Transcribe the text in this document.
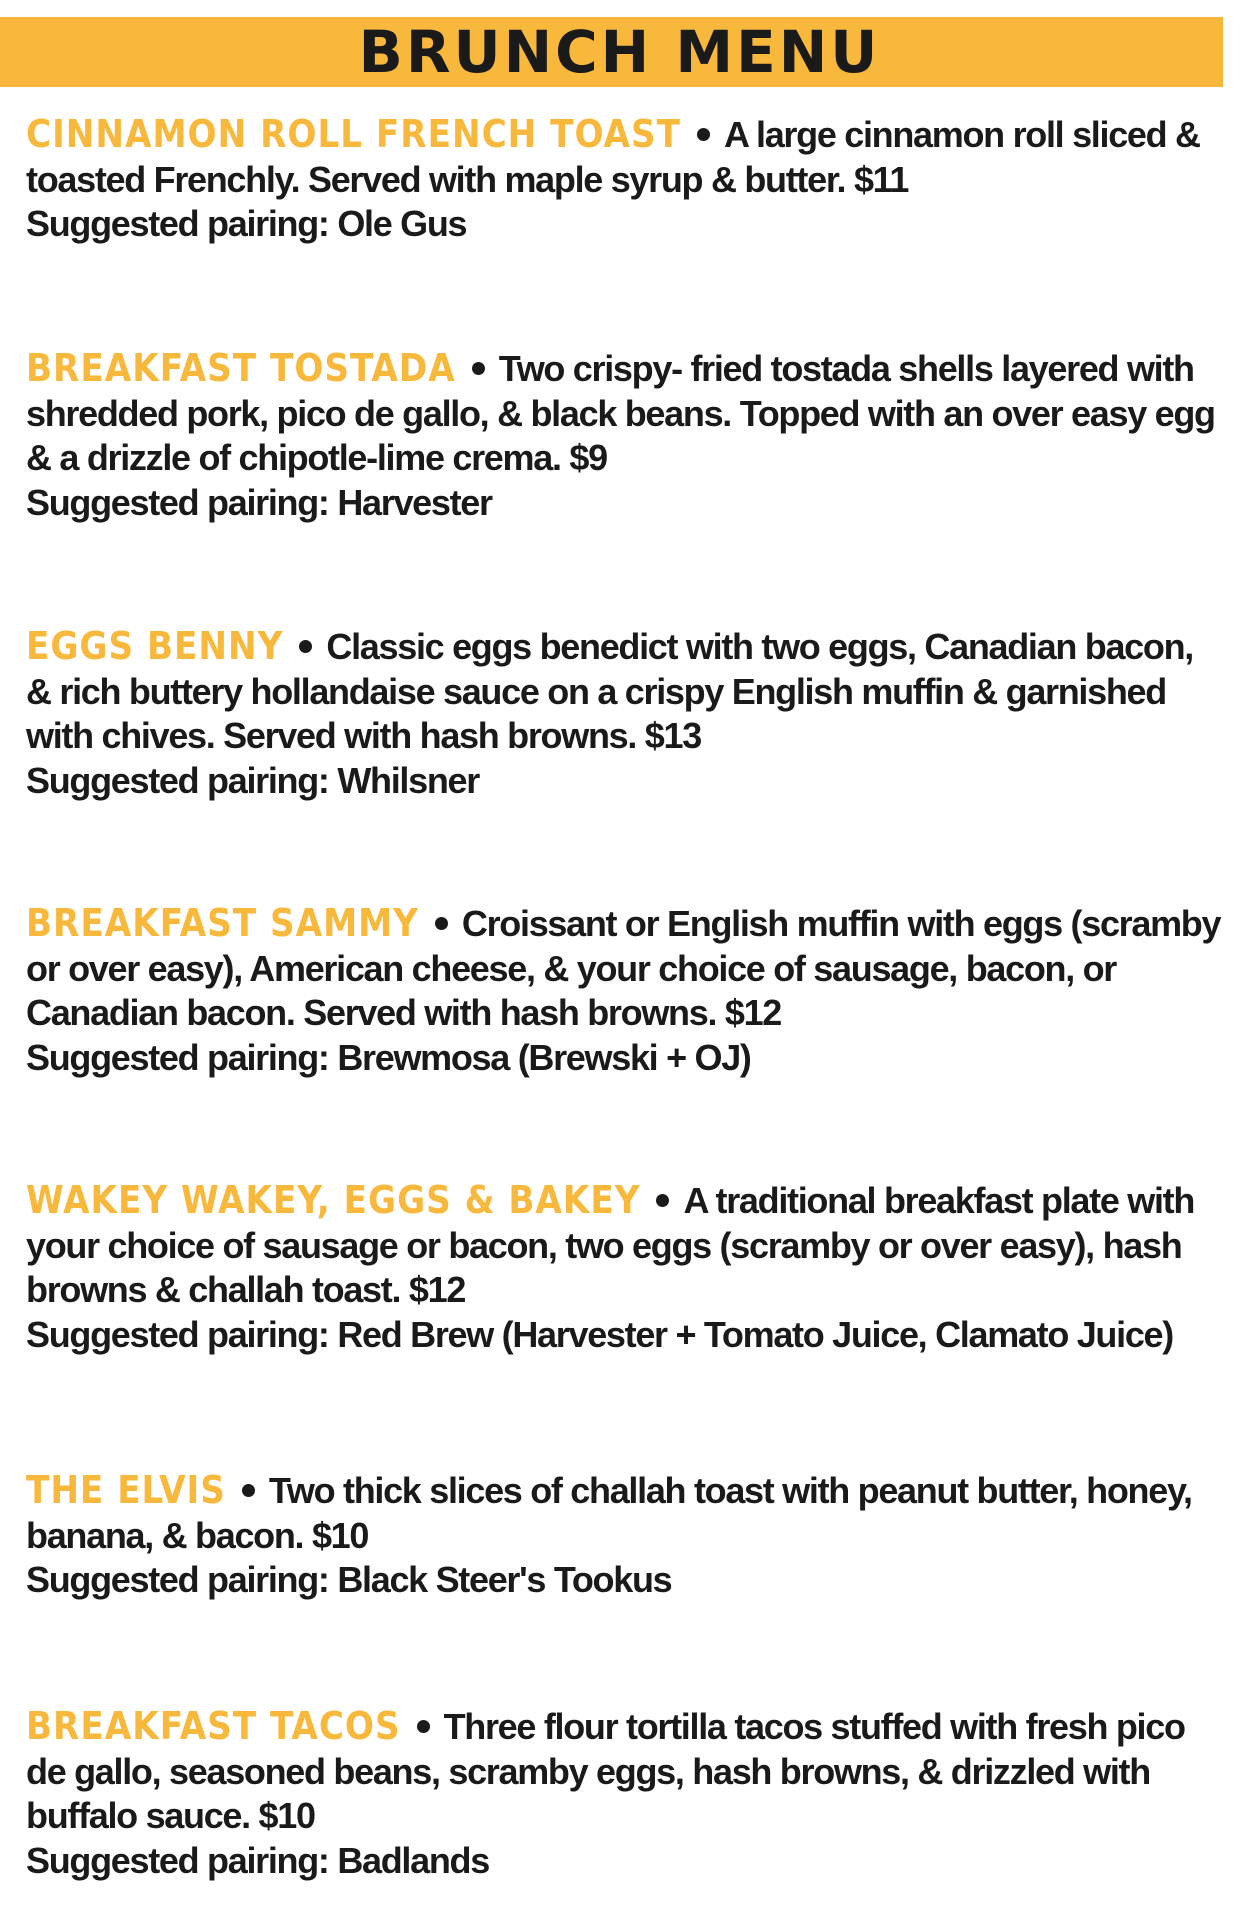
BRUNCH MENU
CINNAMON ROLL FRENCH TOAST A large cinnamon roll sliced & toasted Frenchly. Served with maple syrup & butter. $11
Suggested pairing: Ole Gus
BREAKFAST TOSTADA Two crispy- fried tostada shells layered with shredded pork, pico de gallo, & black beans. Topped with an over easy egg & a drizzle of chipotle-lime crema. $9
Suggested pairing: Harvester
EGGS BENNY Classic eggs benedict with two eggs, Canadian bacon, & rich buttery hollandaise sauce on a crispy English muffin & garnished with chives. Served with hash browns. $13
Suggested pairing: Whilsner
BREAKFAST SAMMY Croissant or English muffin with eggs (scramby or over easy), American cheese, & your choice of sausage, bacon, or Canadian bacon. Served with hash browns. $12
Suggested pairing: Brewmosa (Brewski + OJ)
WAKEY WAKEY, EGGS & BAKEY A traditional breakfast plate with your choice of sausage or bacon, two eggs (scramby or over easy), hash browns & challah toast. $12
Suggested pairing: Red Brew (Harvester + Tomato Juice, Clamato Juice)
THE ELVIS Two thick slices of challah toast with peanut butter, honey, banana, & bacon. $10
Suggested pairing: Black Steer's Tookus
BREAKFAST TACOS Three flour tortilla tacos stuffed with fresh pico de gallo, seasoned beans, scramby eggs, hash browns, & drizzled with buffalo sauce. $10
Suggested pairing: Badlands
